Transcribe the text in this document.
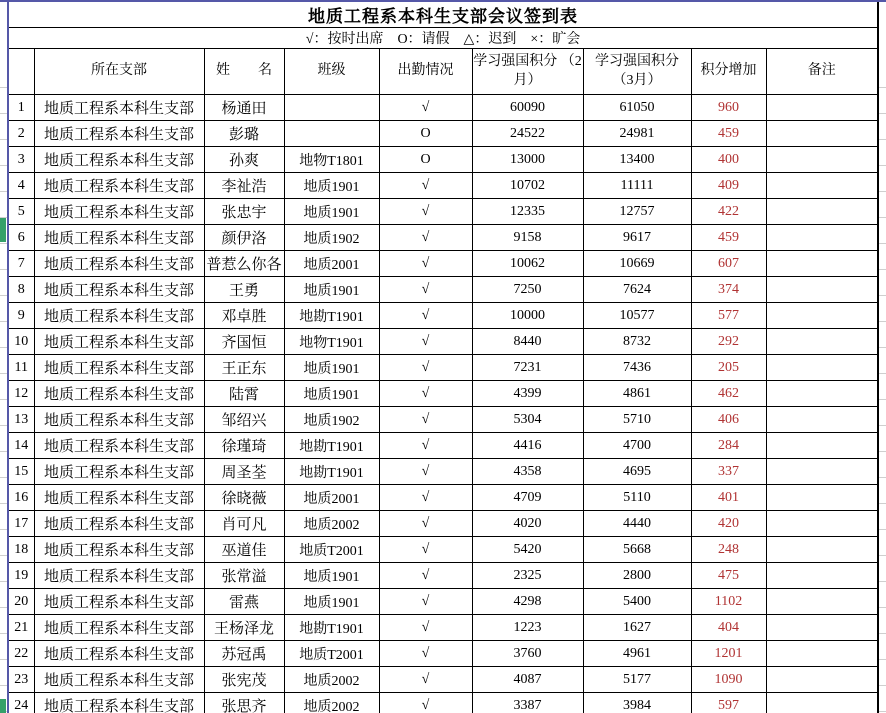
地质工程系本科生支部会议签到表								
√：按时出席　O：请假　△：迟到　×：旷会								
	所在支部	姓　　名	班级	出勤情况	学习强国积分 （2月）	学习强国积分 （3月）	积分增加	备注
1	地质工程系本科生支部	杨通田		√	60090	61050	960	
2	地质工程系本科生支部	彭璐		O	24522	24981	459	
3	地质工程系本科生支部	孙爽	地物T1801	O	13000	13400	400	
4	地质工程系本科生支部	李祉浩	地质1901	√	10702	11111	409	
5	地质工程系本科生支部	张忠宇	地质1901	√	12335	12757	422	
6	地质工程系本科生支部	颜伊洛	地质1902	√	9158	9617	459	
7	地质工程系本科生支部	普惹么你各	地质2001	√	10062	10669	607	
8	地质工程系本科生支部	王勇	地质1901	√	7250	7624	374	
9	地质工程系本科生支部	邓卓胜	地勘T1901	√	10000	10577	577	
10	地质工程系本科生支部	齐国恒	地物T1901	√	8440	8732	292	
11	地质工程系本科生支部	王正东	地质1901	√	7231	7436	205	
12	地质工程系本科生支部	陆霄	地质1901	√	4399	4861	462	
13	地质工程系本科生支部	邹绍兴	地质1902	√	5304	5710	406	
14	地质工程系本科生支部	徐瑾琦	地勘T1901	√	4416	4700	284	
15	地质工程系本科生支部	周圣荃	地勘T1901	√	4358	4695	337	
16	地质工程系本科生支部	徐晓薇	地质2001	√	4709	5110	401	
17	地质工程系本科生支部	肖可凡	地质2002	√	4020	4440	420	
18	地质工程系本科生支部	巫道佳	地质T2001	√	5420	5668	248	
19	地质工程系本科生支部	张常溢	地质1901	√	2325	2800	475	
20	地质工程系本科生支部	雷燕	地质1901	√	4298	5400	1102	
21	地质工程系本科生支部	王杨泽龙	地勘T1901	√	1223	1627	404	
22	地质工程系本科生支部	苏冠禹	地质T2001	√	3760	4961	1201	
23	地质工程系本科生支部	张宪茂	地质2002	√	4087	5177	1090	
24	地质工程系本科生支部	张思齐	地质2002	√	3387	3984	597	
